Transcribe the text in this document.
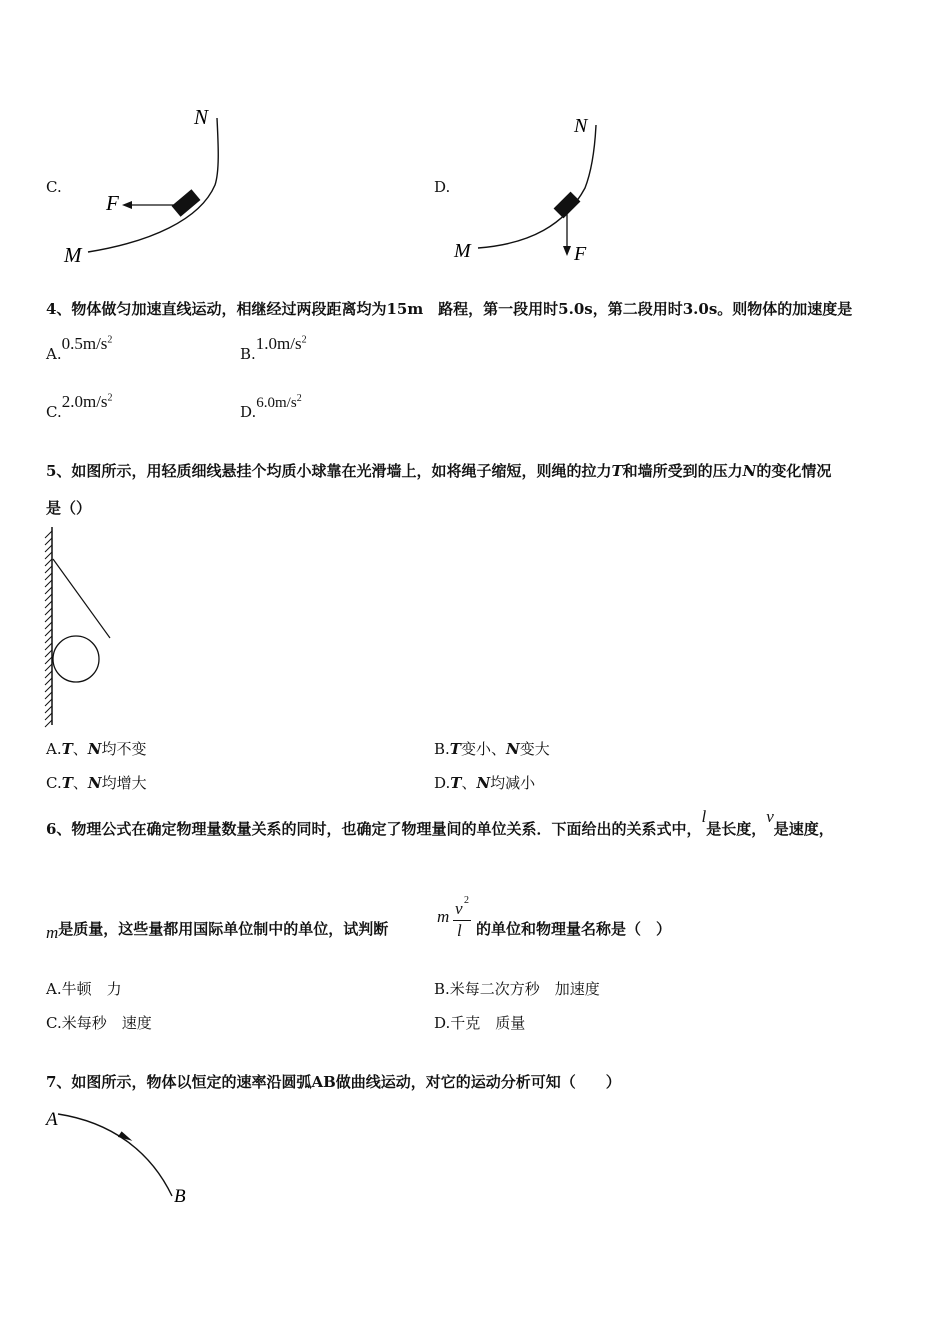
C.
N
F
M
D.
N
M	F
4、物体做匀加速直线运动，相继经过两段距离均为15m　路程，第一段用时5.0s，第二段用时3.0s。则物体的加速度是
$A.0.5m/s^2$
$B.1.0m/s^2$
$C.2.0m/s^2$
$D.6.0m/s^2$
5、如图所示，用轻质细线悬挂个均质小球靠在光滑墙上，如将绳子缩短，则绳的拉力T和墙所受到的压力N的变化情况
是（）
A.T、N均不变	B.T变小、N变大
C.T、N均增大	D.T、N均减小
6、物理公式在确定物理量数量关系的同时，也确定了物理量间的单位关系．下面给出的关系式中，l是长度，v是速度，
m是质量，这些量都用国际单位制中的单位，试判断
m v 2
l 的单位和物理量名称是（　）
A.牛顿　力	B.米每二次方秒　加速度
C.米每秒　速度	D.千克　质量
7、如图所示，物体以恒定的速率沿圆弧AB做曲线运动，对它的运动分析可知（　　）
A
B
